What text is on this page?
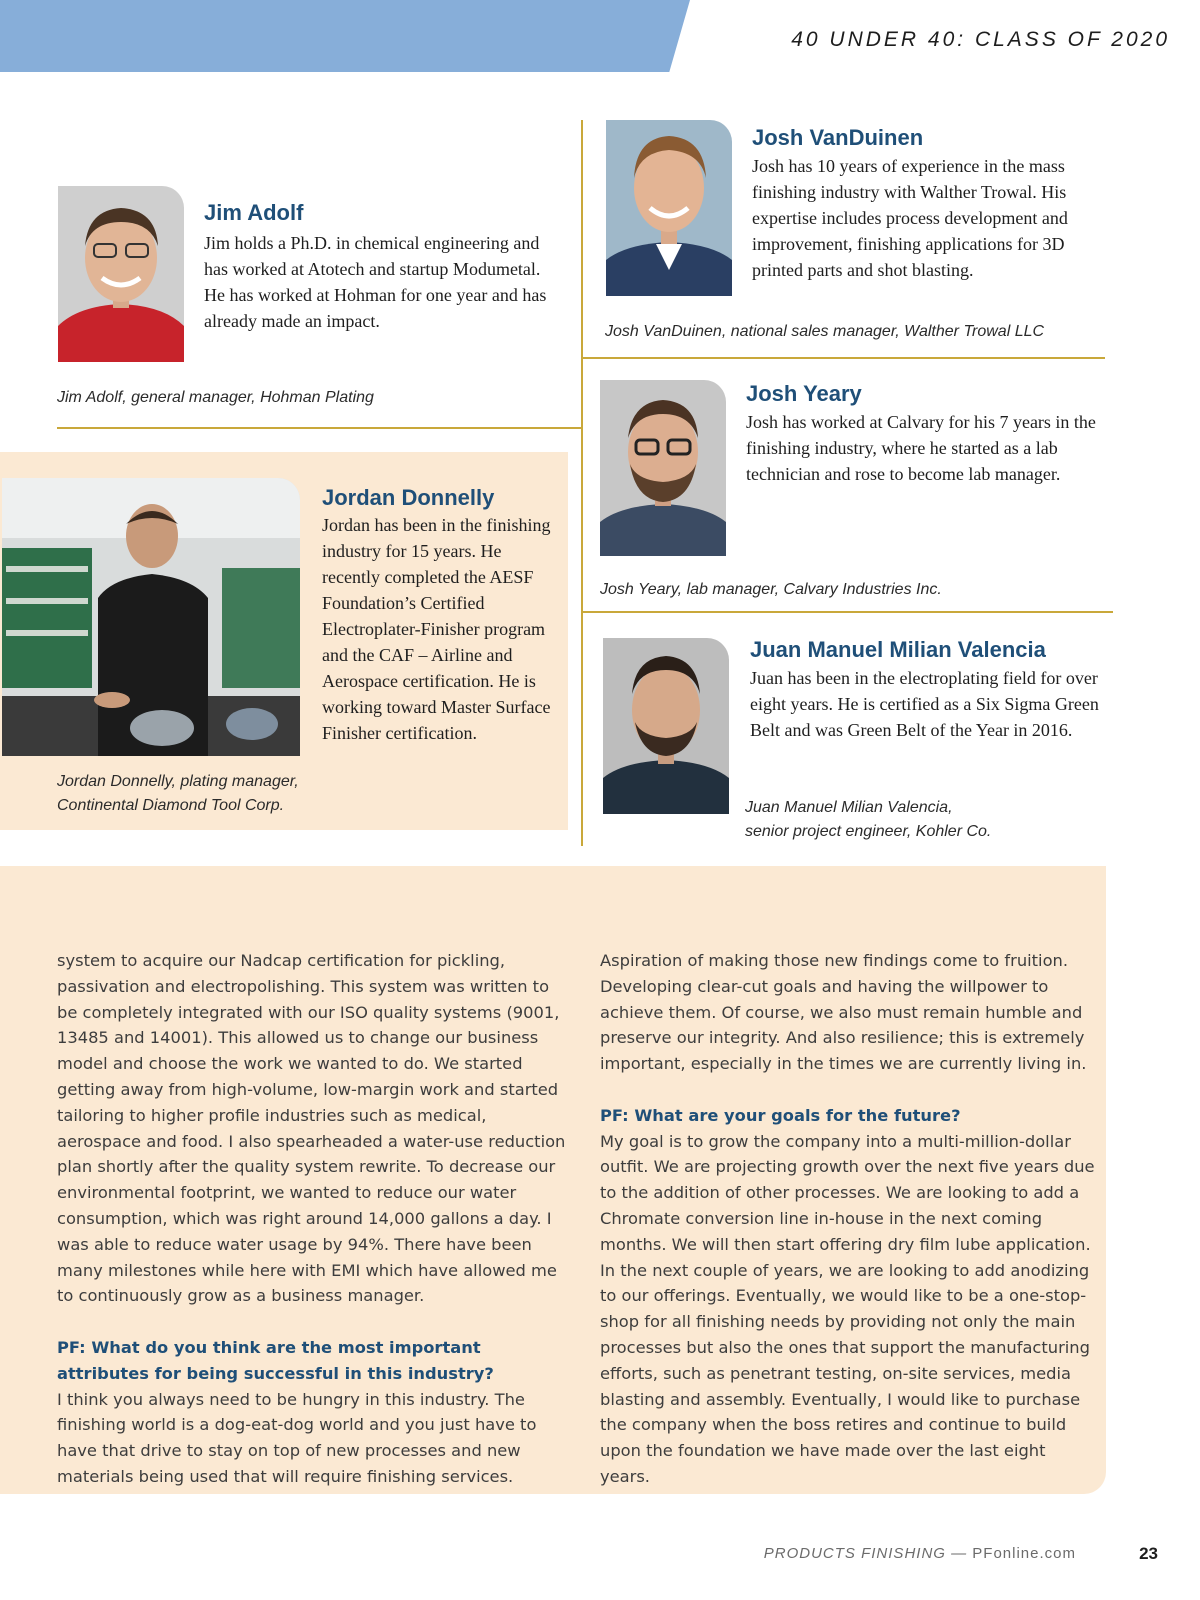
40 UNDER 40: CLASS OF 2020
Jim Adolf

Jim holds a Ph.D. in chemical engineering and has worked at Atotech and startup Modumetal. He has worked at Hohman for one year and has already made an impact.

Jim Adolf, general manager, Hohman Plating
Jordan Donnelly

Jordan has been in the finishing industry for 15 years. He recently completed the AESF Foundation’s Certified Electroplater-Finisher program and the CAF – Airline and Aerospace certification. He is working toward Master Surface Finisher certification.

Jordan Donnelly, plating manager,
Continental Diamond Tool Corp.
Josh VanDuinen

Josh has 10 years of experience in the mass finishing industry with Walther Trowal. His expertise includes process development and improvement, finishing applications for 3D printed parts and shot blasting.

Josh VanDuinen, national sales manager, Walther Trowal LLC
Josh Yeary

Josh has worked at Calvary for his 7 years in the finishing industry, where he started as a lab technician and rose to become lab manager.

Josh Yeary, lab manager, Calvary Industries Inc.
Juan Manuel Milian Valencia

Juan has been in the electroplating field for over eight years. He is certified as a Six Sigma Green Belt and was Green Belt of the Year in 2016.

Juan Manuel Milian Valencia,
senior project engineer, Kohler Co.

system to acquire our Nadcap certification for pickling, passivation and electropolishing. This system was written to be completely integrated with our ISO quality systems (9001, 13485 and 14001). This allowed us to change our business model and choose the work we wanted to do. We started getting away from high-volume, low-margin work and started tailoring to higher profile industries such as medical, aerospace and food. I also spearheaded a water-use reduction plan shortly after the quality system rewrite. To decrease our environmental footprint, we wanted to reduce our water consumption, which was right around 14,000 gallons a day. I was able to reduce water usage by 94%. There have been many milestones while here with EMI which have allowed me to continuously grow as a business manager.

PF: What do you think are the most important attributes for being successful in this industry?

I think you always need to be hungry in this industry. The finishing world is a dog-eat-dog world and you just have to have that drive to stay on top of new processes and new materials being used that will require finishing services.

Aspiration of making those new findings come to fruition. Developing clear-cut goals and having the willpower to achieve them. Of course, we also must remain humble and preserve our integrity. And also resilience; this is extremely important, especially in the times we are currently living in.

PF: What are your goals for the future?

My goal is to grow the company into a multi-million-dollar outfit. We are projecting growth over the next five years due to the addition of other processes. We are looking to add a Chromate conversion line in-house in the next coming months. We will then start offering dry film lube application. In the next couple of years, we are looking to add anodizing to our offerings. Eventually, we would like to be a one-stop-shop for all finishing needs by providing not only the main processes but also the ones that support the manufacturing efforts, such as penetrant testing, on-site services, media blasting and assembly. Eventually, I would like to purchase the company when the boss retires and continue to build upon the foundation we have made over the last eight years.

PRODUCTS FINISHING — PFonline.com	23
